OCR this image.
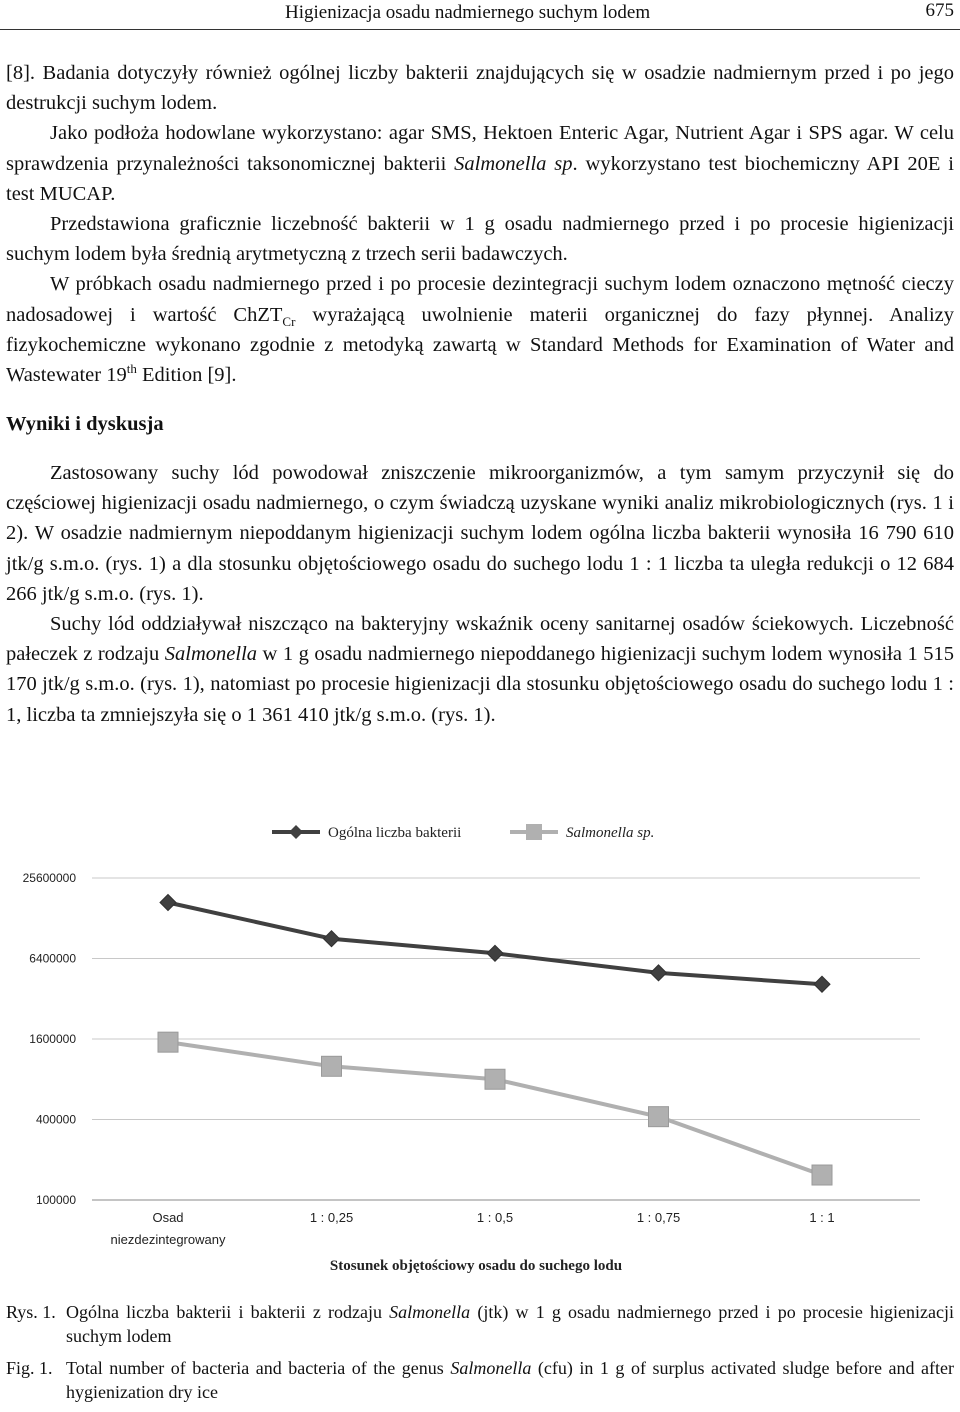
Higienizacja osadu nadmiernego suchym lodem	675

[8]. Badania dotyczyły również ogólnej liczby bakterii znajdujących się w osadzie nadmiernym przed i po jego destrukcji suchym lodem.

Jako podłoża hodowlane wykorzystano: agar SMS, Hektoen Enteric Agar, Nutrient Agar i SPS agar. W celu sprawdzenia przynależności taksonomicznej bakterii Salmonella sp. wykorzystano test biochemiczny API 20E i test MUCAP.

Przedstawiona graficznie liczebność bakterii w 1 g osadu nadmiernego przed i po procesie higienizacji suchym lodem była średnią arytmetyczną z trzech serii badawczych.

W próbkach osadu nadmiernego przed i po procesie dezintegracji suchym lodem oznaczono mętność cieczy nadosadowej i wartość ChZT$_{Cr}$ wyrażającą uwolnienie materii organicznej do fazy płynnej. Analizy fizykochemiczne wykonano zgodnie z metodyką zawartą w Standard Methods for Examination of Water and Wastewater 19th Edition [9].

Wyniki i dyskusja

Zastosowany suchy lód powodował zniszczenie mikroorganizmów, a tym samym przyczynił się do częściowej higienizacji osadu nadmiernego, o czym świadczą uzyskane wyniki analiz mikrobiologicznych (rys. 1 i 2). W osadzie nadmiernym niepoddanym higienizacji suchym lodem ogólna liczba bakterii wynosiła 16 790 610 jtk/g s.m.o. (rys. 1) a dla stosunku objętościowego osadu do suchego lodu 1 : 1 liczba ta uległa redukcji o 12 684 266 jtk/g s.m.o. (rys. 1).

Suchy lód oddziaływał niszcząco na bakteryjny wskaźnik oceny sanitarnej osadów ściekowych. Liczebność pałeczek z rodzaju Salmonella w 1 g osadu nadmiernego niepoddanego higienizacji suchym lodem wynosiła 1 515 170 jtk/g s.m.o. (rys. 1), natomiast po procesie higienizacji dla stosunku objętościowego osadu do suchego lodu 1 : 1, liczba ta zmniejszyła się o 1 361 410 jtk/g s.m.o. (rys. 1).

100000
400000
1600000
6400000
25600000
Osad
niezdezintegrowany
1 : 0,25	1 : 0,5	1 : 0,75	1 : 1
Stosunek objętościowy osadu do suchego lodu
Ogólna liczba bakterii	Salmonella sp.
Rys. 1. Ogólna liczba bakterii i bakterii z rodzaju Salmonella (jtk) w 1 g osadu nadmiernego przed i po procesie higienizacji suchym lodem
Fig. 1. Total number of bacteria and bacteria of the genus Salmonella (cfu) in 1 g of surplus activated sludge before and after hygienization dry ice
